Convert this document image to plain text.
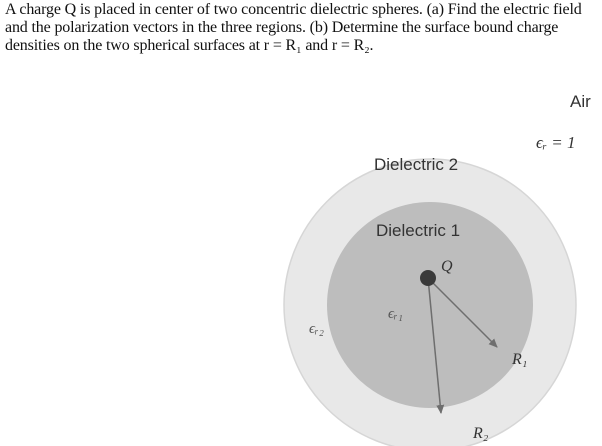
A charge Q is placed in center of two concentric dielectric spheres. (a) Find the electric field
and the polarization vectors in the three regions. (b) Determine the surface bound charge
densities on the two spherical surfaces at r = R₁ and r = R₂.
Air
ϵᵣ = 1
Dielectric 2
Dielectric 1
Q
ϵᵣ₁
ϵᵣ₂
R₁
R₂
